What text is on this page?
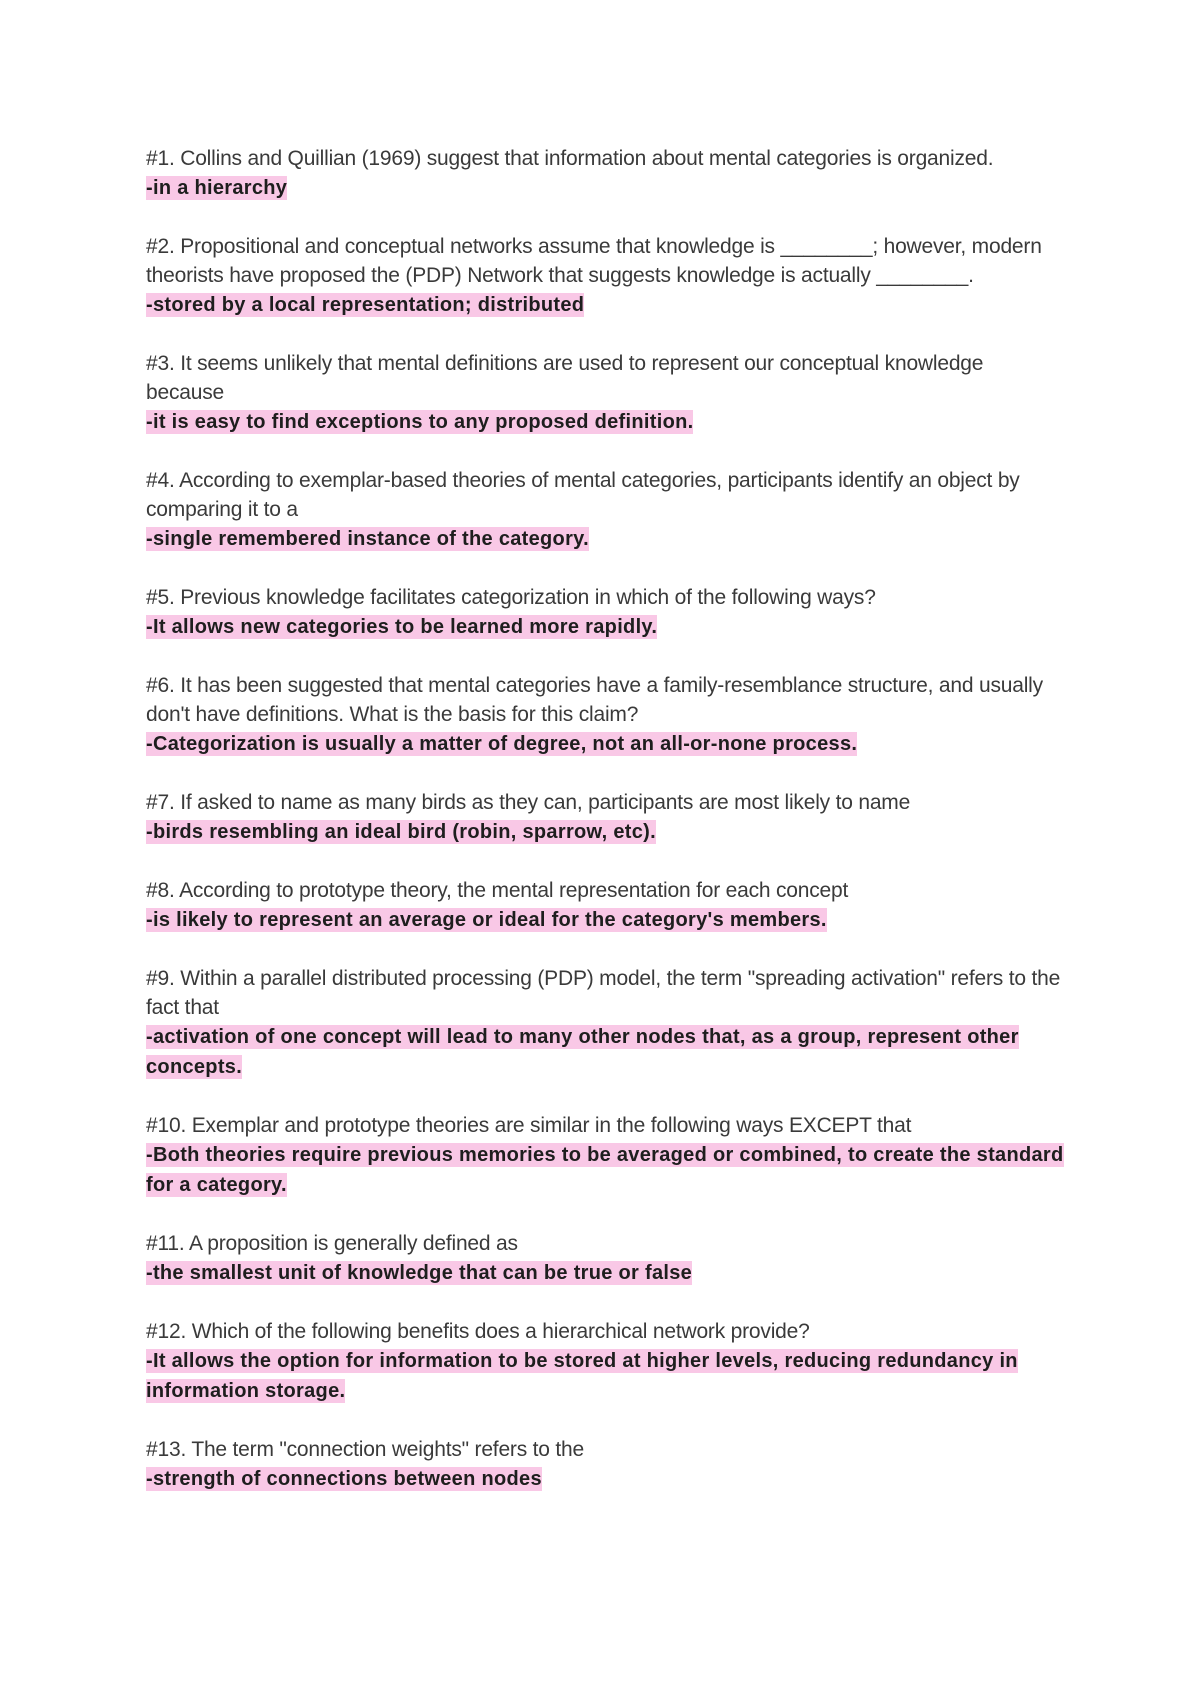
#1. Collins and Quillian (1969) suggest that information about mental categories is organized.

-in a hierarchy

#2. Propositional and conceptual networks assume that knowledge is ________; however, modern theorists have proposed the (PDP) Network that suggests knowledge is actually ________.

-stored by a local representation; distributed

#3. It seems unlikely that mental definitions are used to represent our conceptual knowledge because

-it is easy to find exceptions to any proposed definition.

#4. According to exemplar-based theories of mental categories, participants identify an object by comparing it to a

-single remembered instance of the category.

#5. Previous knowledge facilitates categorization in which of the following ways?

-It allows new categories to be learned more rapidly.

#6. It has been suggested that mental categories have a family-resemblance structure, and usually don't have definitions. What is the basis for this claim?

-Categorization is usually a matter of degree, not an all-or-none process.

#7. If asked to name as many birds as they can, participants are most likely to name

-birds resembling an ideal bird (robin, sparrow, etc).

#8. According to prototype theory, the mental representation for each concept

-is likely to represent an average or ideal for the category's members.

#9. Within a parallel distributed processing (PDP) model, the term "spreading activation" refers to the fact that

-activation of one concept will lead to many other nodes that, as a group, represent other concepts.

#10. Exemplar and prototype theories are similar in the following ways EXCEPT that

-Both theories require previous memories to be averaged or combined, to create the standard for a category.

#11. A proposition is generally defined as

-the smallest unit of knowledge that can be true or false

#12. Which of the following benefits does a hierarchical network provide?

-It allows the option for information to be stored at higher levels, reducing redundancy in information storage.

#13. The term "connection weights" refers to the

-strength of connections between nodes
